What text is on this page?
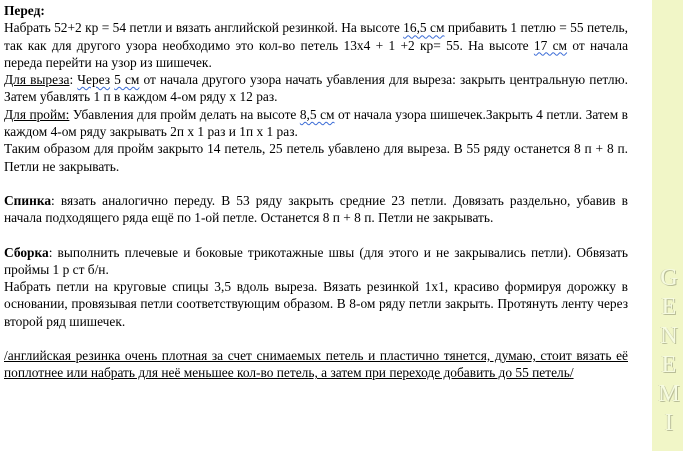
Перед:
Набрать 52+2 кр = 54 петли и вязать английской резинкой. На высоте 16,5 см прибавить 1 петлю = 55 петель, так как для другого узора необходимо это кол-во петель 13х4 + 1 +2 кр= 55. На высоте 17 см от начала переда перейти на узор из шишечек.

Для выреза: Через 5 см от начала другого узора начать убавления для выреза: закрыть центральную петлю. Затем убавлять 1 п в каждом 4-ом ряду х 12 раз.

Для пройм: Убавления для пройм делать на высоте 8,5 см от начала узора шишечек.Закрыть 4 петли. Затем в каждом 4-ом ряду закрывать 2п х 1 раз и 1п х 1 раз.

Таким образом для пройм закрыто 14 петель, 25 петель убавлено для выреза. В 55 ряду останется 8 п + 8 п. Петли не закрывать.

Спинка: вязать аналогично переду. В 53 ряду закрыть средние 23 петли. Довязать раздельно, убавив в начала подходящего ряда ещё по 1-ой петле. Останется 8 п + 8 п. Петли не закрывать.

Сборка: выполнить плечевые и боковые трикотажные швы (для этого и не закрывались петли). Обвязать проймы 1 р ст б/н.

Набрать петли на круговые спицы 3,5 вдоль выреза. Вязать резинкой 1х1, красиво формируя дорожку в основании, провязывая петли соответствующим образом. В 8-ом ряду петли закрыть. Протянуть ленту через второй ряд шишечек.

/английская резинка очень плотная за счет снимаемых петель и пластично тянется, думаю, стоит вязать её поплотнее или набрать для неё меньшее кол-во петель, а затем при переходе добавить до 55 петель/

G
E
N
E
M
I
